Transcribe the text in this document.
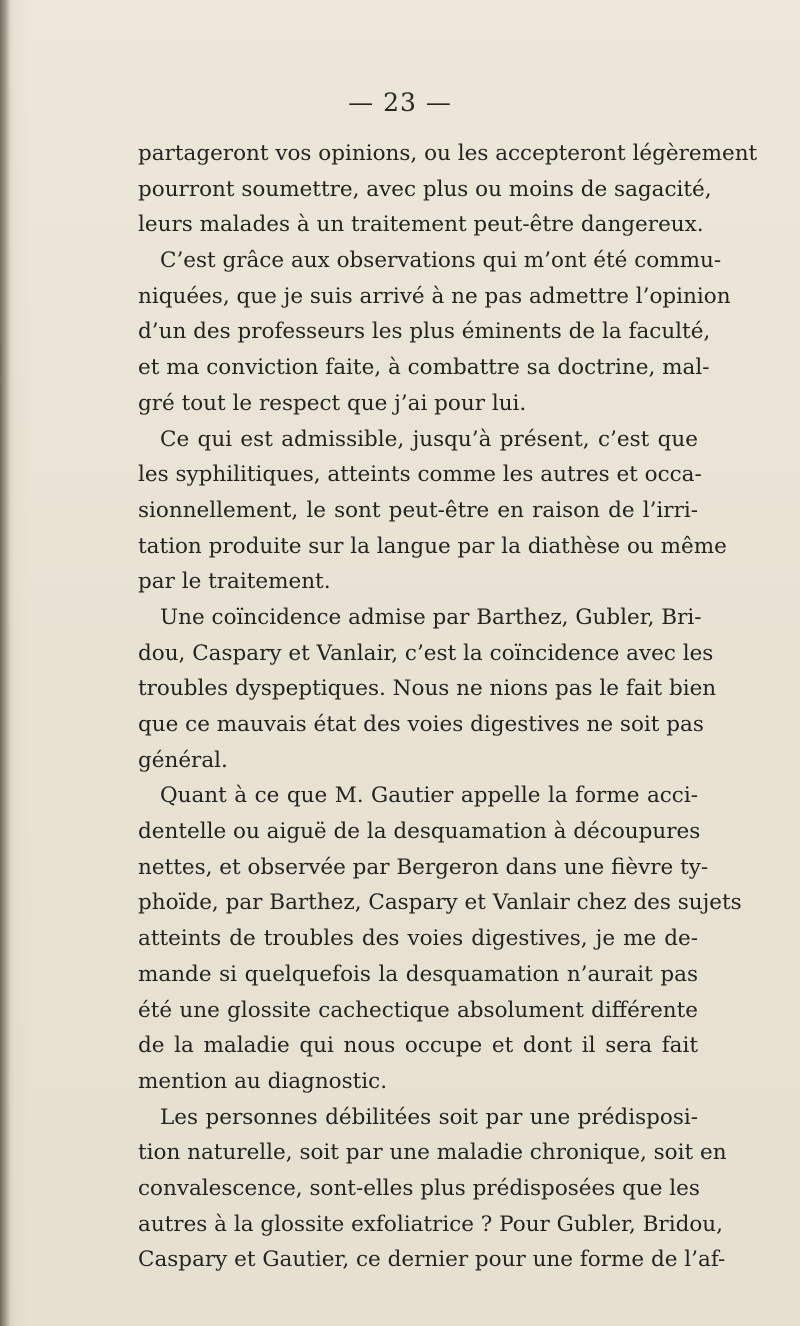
— 23 —
partageront vos opinions, ou les accepteront légèrement
pourront soumettre, avec plus ou moins de sagacité,
leurs malades à un traitement peut-être dangereux.
C’est grâce aux observations qui m’ont été commu-
niquées, que je suis arrivé à ne pas admettre l’opinion
d’un des professeurs les plus éminents de la faculté,
et ma conviction faite, à combattre sa doctrine, mal-
gré tout le respect que j’ai pour lui.
Ce qui est admissible, jusqu’à présent, c’est que
les syphilitiques, atteints comme les autres et occa-
sionnellement, le sont peut-être en raison de l’irri-
tation produite sur la langue par la diathèse ou même
par le traitement.
Une coïncidence admise par Barthez, Gubler, Bri-
dou, Caspary et Vanlair, c’est la coïncidence avec les
troubles dyspeptiques. Nous ne nions pas le fait bien
que ce mauvais état des voies digestives ne soit pas
général.
Quant à ce que M. Gautier appelle la forme acci-
dentelle ou aiguë de la desquamation à découpures
nettes, et observée par Bergeron dans une fièvre ty-
phoïde, par Barthez, Caspary et Vanlair chez des sujets
atteints de troubles des voies digestives, je me de-
mande si quelquefois la desquamation n’aurait pas
été une glossite cachectique absolument différente
de la maladie qui nous occupe et dont il sera fait
mention au diagnostic.
Les personnes débilitées soit par une prédisposi-
tion naturelle, soit par une maladie chronique, soit en
convalescence, sont-elles plus prédisposées que les
autres à la glossite exfoliatrice ? Pour Gubler, Bridou,
Caspary et Gautier, ce dernier pour une forme de l’af-
